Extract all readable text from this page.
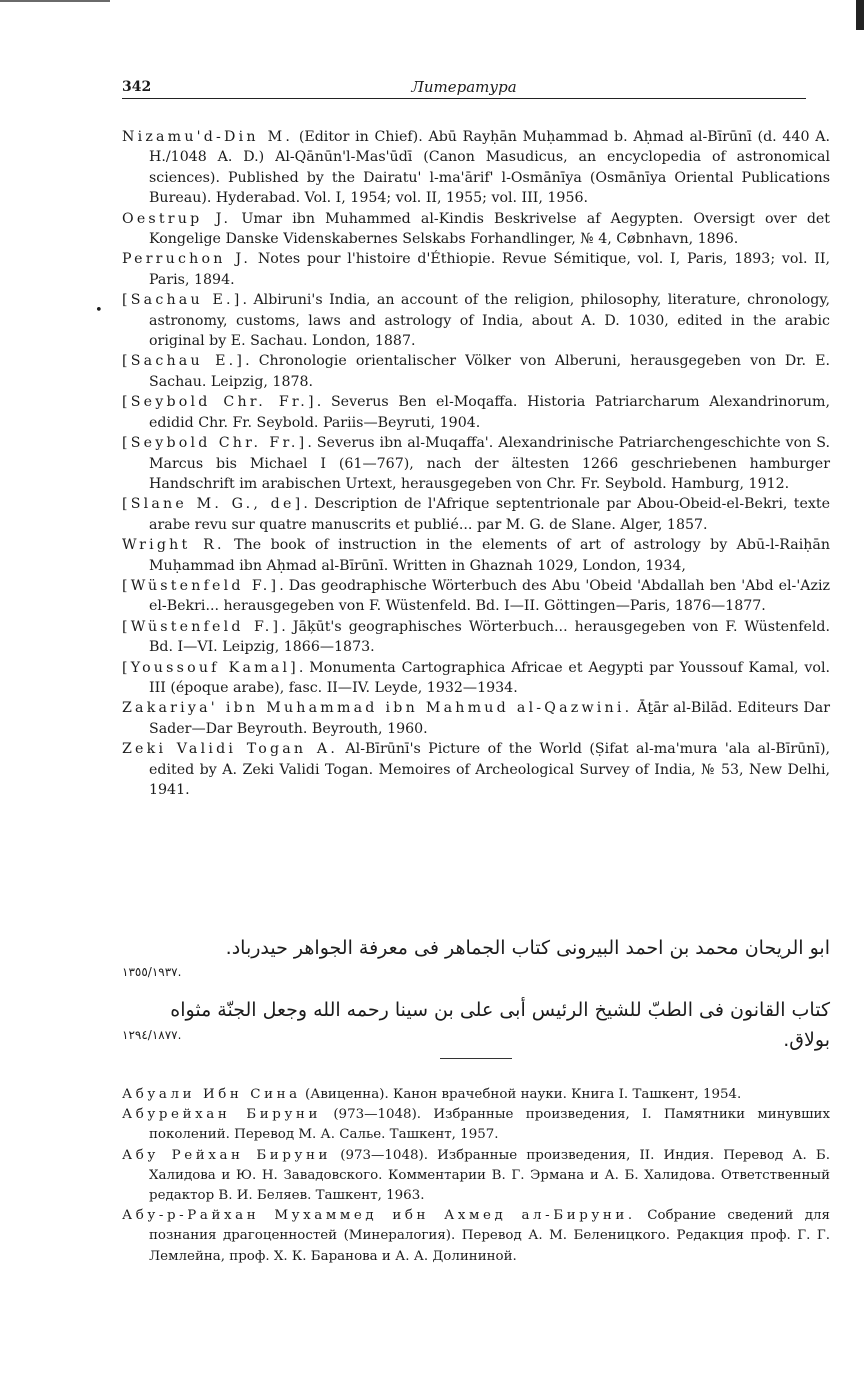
342	Литература
•

Nizamu'd-Din M. (Editor in Chief). Abū Rayḥān Muḥammad b. Aḥmad al-Bīrūnī (d. 440 A. H./1048 A. D.) Al-Qānūn'l-Mas'ūdī (Canon Masudicus, an encyclopedia of astronomical sciences). Published by the Dairatu' l-ma'ārif' l-Osmānīya (Osmānīya Oriental Publications Bureau). Hyderabad. Vol. I, 1954; vol. II, 1955; vol. III, 1956.

Oestrup J. Umar ibn Muhammed al-Kindis Beskrivelse af Aegypten. Oversigt over det Kongelige Danske Videnskabernes Selskabs Forhandlinger, № 4, Cøbnhavn, 1896.

Perruchon J. Notes pour l'histoire d'Éthiopie. Revue Sémitique, vol. I, Paris, 1893; vol. II, Paris, 1894.

[Sachau E.]. Albiruni's India, an account of the religion, philosophy, literature, chronology, astronomy, customs, laws and astrology of India, about A. D. 1030, edited in the arabic original by E. Sachau. London, 1887.

[Sachau E.]. Chronologie orientalischer Völker von Alberuni, herausgegeben von Dr. E. Sachau. Leipzig, 1878.

[Seybold Chr. Fr.]. Severus Ben el-Moqaffa. Historia Patriarcharum Alexandrinorum, edidid Chr. Fr. Seybold. Pariis—Beyruti, 1904.

[Seybold Chr. Fr.]. Severus ibn al-Muqaffa'. Alexandrinische Patriarchengeschichte von S. Marcus bis Michael I (61—767), nach der ältesten 1266 geschriebenen hamburger Handschrift im arabischen Urtext, herausgegeben von Chr. Fr. Seybold. Hamburg, 1912.

[Slane M. G., de]. Description de l'Afrique septentrionale par Abou-Obeid-el-Bekri, texte arabe revu sur quatre manuscrits et publié... par M. G. de Slane. Alger, 1857.

Wright R. The book of instruction in the elements of art of astrology by Abū-l-Raiḥān Muḥammad ibn Aḥmad al-Bīrūnī. Written in Ghaznah 1029, London, 1934,

[Wüstenfeld F.]. Das geodraphische Wörterbuch des Abu 'Obeid 'Abdallah ben 'Abd el-'Aziz el-Bekri... herausgegeben von F. Wüstenfeld. Bd. I—II. Göttingen—Paris, 1876—1877.

[Wüstenfeld F.]. Jāķūt's geographisches Wörterbuch... herausgegeben von F. Wüstenfeld. Bd. I—VI. Leipzig, 1866—1873.

[Youssouf Kamal]. Monumenta Cartographica Africae et Aegypti par Youssouf Kamal, vol. III (époque arabe), fasc. II—IV. Leyde, 1932—1934.

Zakariya' ibn Muhammad ibn Mahmud al-Qazwini. Āṯār al-Bilād. Editeurs Dar Sader—Dar Beyrouth. Beyrouth, 1960.

Zeki Validi Togan A. Al-Bīrūnī's Picture of the World (Ṣifat al-ma'mura 'ala al-Bīrūnī), edited by A. Zeki Validi Togan. Memoires of Archeological Survey of India, № 53, New Delhi, 1941.

ابو الريحان محمد بن احمد البيرونى كتاب الجماهر فى معرفة الجواهر حيدرباد.
١٣٥٥/١٩٣٧.
كتاب القانون فى الطبّ للشيخ الرئيس أبى على بن سينا رحمه الله وجعل الجنّة مثواه بولاق.
١٢٩٤/١٨٧٧.

Абуали Ибн Сина (Авиценна). Канон врачебной науки. Книга I. Ташкент, 1954.

Абурейхан Бируни (973—1048). Избранные произведения, I. Памятники минувших поколений. Перевод М. А. Салье. Ташкент, 1957.

Абу Рейхан Бируни (973—1048). Избранные произведения, II. Индия. Перевод А. Б. Халидова и Ю. Н. Завадовского. Комментарии В. Г. Эрмана и А. Б. Халидова. Ответственный редактор В. И. Беляев. Ташкент, 1963.

Абу-р-Райхан Мухаммед ибн Ахмед ал-Бируни. Собрание сведений для познания драгоценностей (Минералогия). Перевод А. М. Беленицкого. Редакция проф. Г. Г. Лемлейна, проф. Х. К. Баранова и А. А. Долининой.
